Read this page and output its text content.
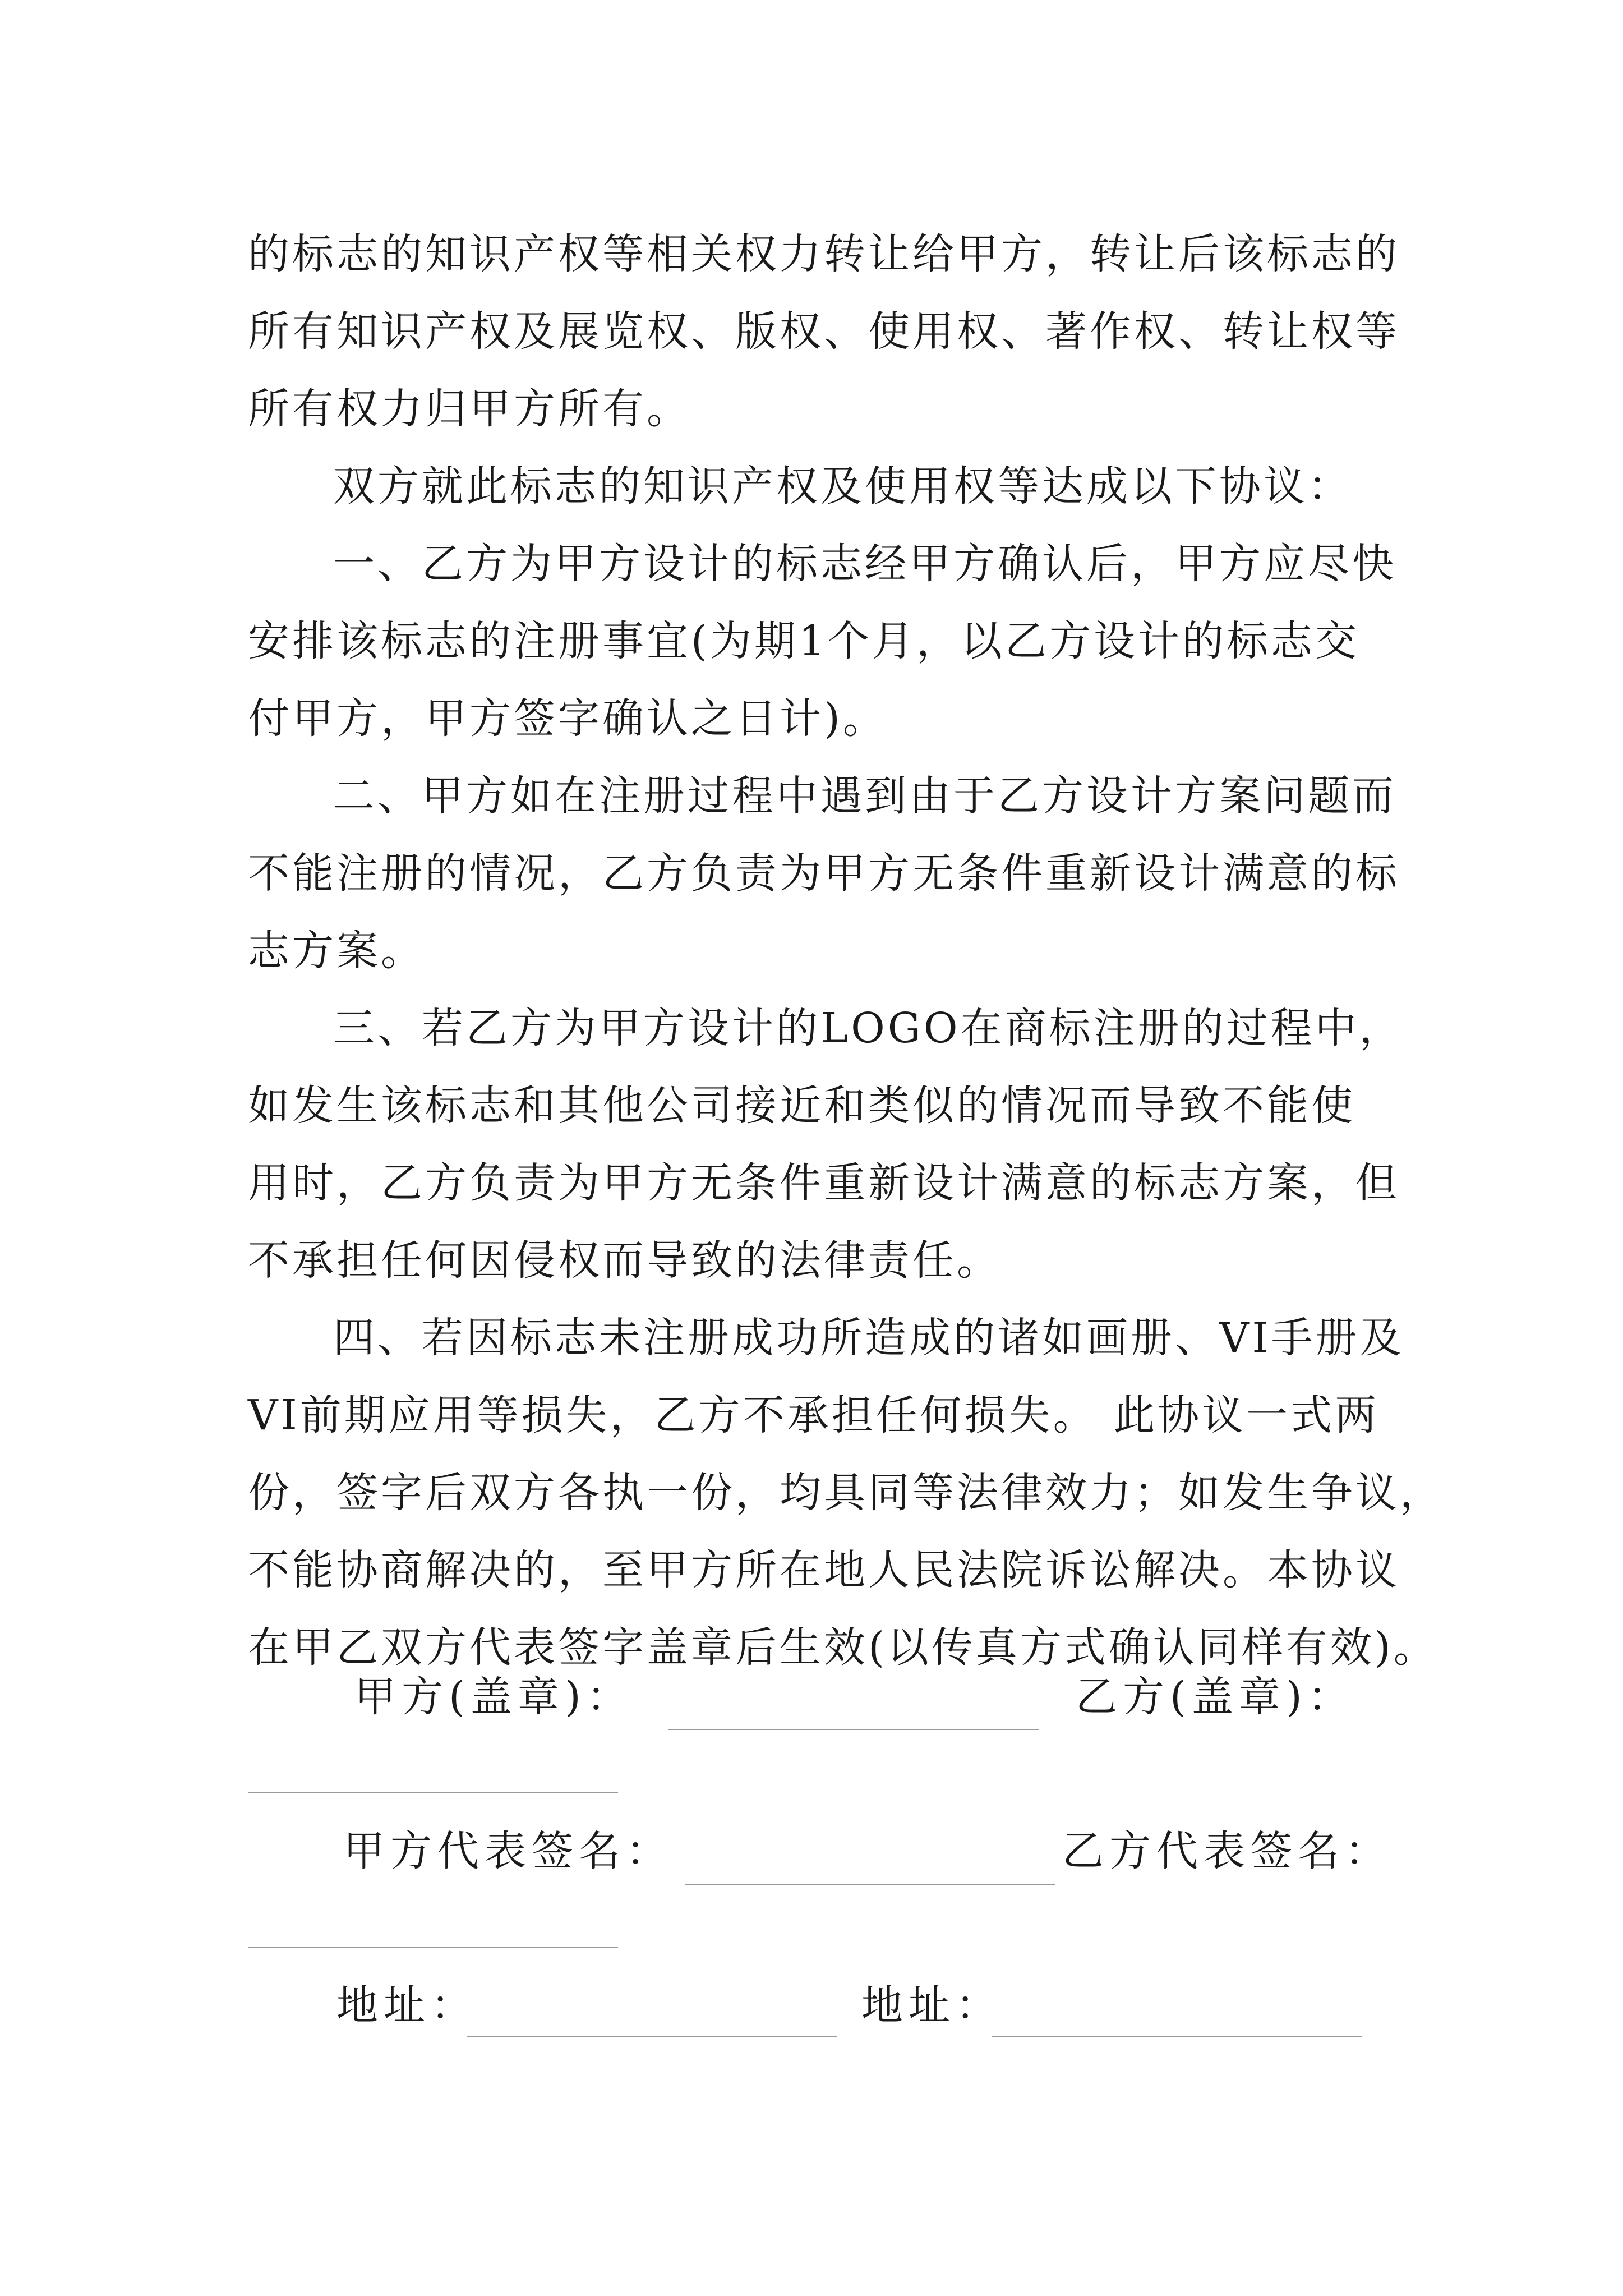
的标志的知识产权等相关权力转让给甲方，转让后该标志的
所有知识产权及展览权、版权、使用权、著作权、转让权等
所有权力归甲方所有。
双方就此标志的知识产权及使用权等达成以下协议：
一、乙方为甲方设计的标志经甲方确认后，甲方应尽快
安排该标志的注册事宜(为期1个月，以乙方设计的标志交
付甲方，甲方签字确认之日计)。
二、甲方如在注册过程中遇到由于乙方设计方案问题而
不能注册的情况，乙方负责为甲方无条件重新设计满意的标
志方案。
三、若乙方为甲方设计的LOGO在商标注册的过程中，
如发生该标志和其他公司接近和类似的情况而导致不能使
用时，乙方负责为甲方无条件重新设计满意的标志方案，但
不承担任何因侵权而导致的法律责任。
四、若因标志未注册成功所造成的诸如画册、VI手册及
VI前期应用等损失，乙方不承担任何损失。 此协议一式两
份，签字后双方各执一份，均具同等法律效力；如发生争议，
不能协商解决的，至甲方所在地人民法院诉讼解决。本协议
在甲乙双方代表签字盖章后生效(以传真方式确认同样有效)。
甲方(盖章)：	乙方(盖章)：
甲方代表签名：	乙方代表签名：
地址：	地址：
